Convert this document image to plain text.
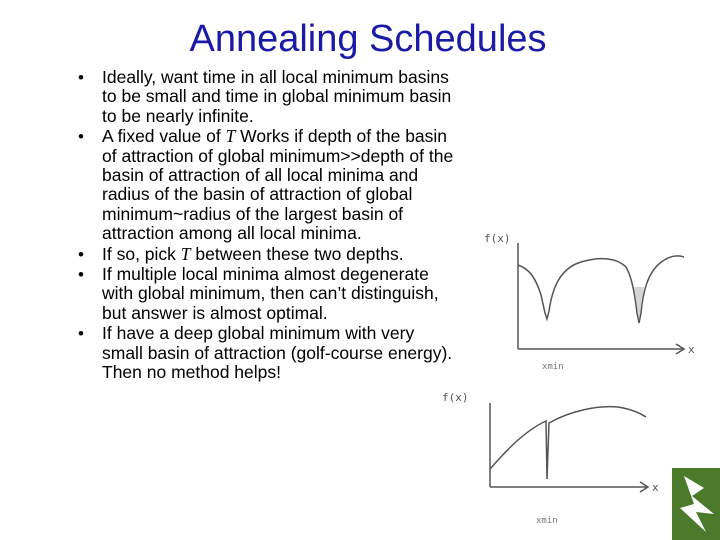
Annealing Schedules
• Ideally, want time in all local minimum basins to be small and time in global minimum basin to be nearly infinite.
• A fixed value of T Works if depth of the basin of attraction of global minimum>>depth of the basin of attraction of all local minima and radius of the basin of attraction of global minimum~radius of the largest basin of attraction among all local minima.
• If so, pick T between these two depths.
• If multiple local minima almost degenerate with global minimum, then can’t distinguish, but answer is almost optimal.
• If have a deep global minimum with very small basin of attraction (golf-course energy). Then no method helps!
f(x)
x
xmin
f(x)
x
xmin
